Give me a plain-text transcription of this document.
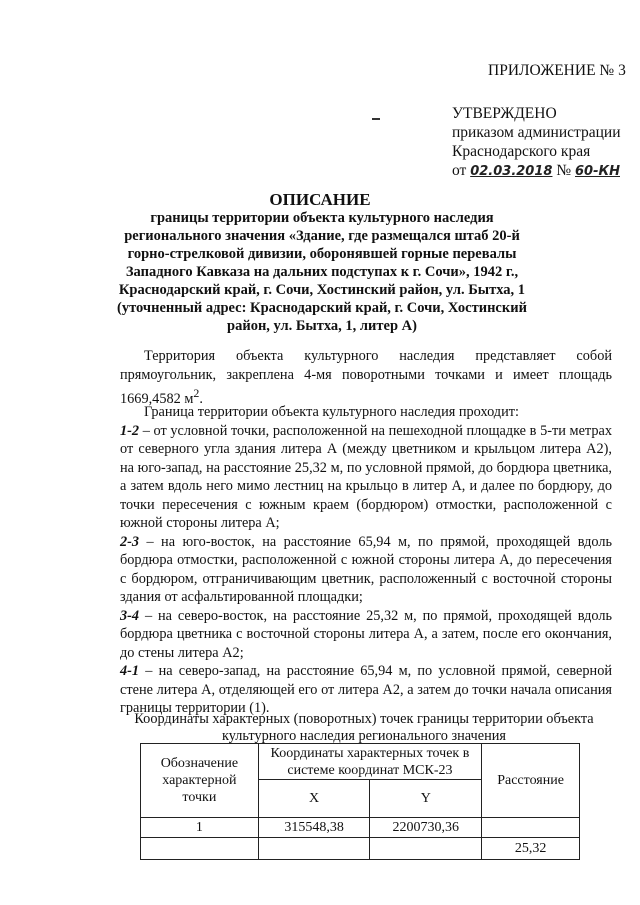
ПРИЛОЖЕНИЕ № 3
УТВЕРЖДЕНО
приказом администрации
Краснодарского края
от 02.03.2018 № 60-КН
ОПИСАНИЕ
границы территории объекта культурного наследия регионального значения «Здание, где размещался штаб 20-й горно-стрелковой дивизии, оборонявшей горные перевалы Западного Кавказа на дальних подступах к г. Сочи», 1942 г., Краснодарский край, г. Сочи, Хостинский район, ул. Бытха, 1 (уточненный адрес: Краснодарский край, г. Сочи, Хостинский район, ул. Бытха, 1, литер А)
Территория объекта культурного наследия представляет собой прямоугольник, закреплена 4-мя поворотными точками и имеет площадь 1669,4582 $м^2$.

Граница территории объекта культурного наследия проходит:

1-2 – от условной точки, расположенной на пешеходной площадке в 5-ти метрах от северного угла здания литера А (между цветником и крыльцом литера А2), на юго-запад, на расстояние 25,32 м, по условной прямой, до бордюра цветника, а затем вдоль него мимо лестниц на крыльцо в литер А, и далее по бордюру, до точки пересечения с южным краем (бордюром) отмостки, расположенной с южной стороны литера А;

2-3 – на юго-восток, на расстояние 65,94 м, по прямой, проходящей вдоль бордюра отмостки, расположенной с южной стороны литера А, до пересечения с бордюром, отграничивающим цветник, расположенный с восточной стороны здания от асфальтированной площадки;

3-4 – на северо-восток, на расстояние 25,32 м, по прямой, проходящей вдоль бордюра цветника с восточной стороны литера А, а затем, после его окончания, до стены литера А2;

4-1 – на северо-запад, на расстояние 65,94 м, по условной прямой, северной стене литера А, отделяющей его от литера А2, а затем до точки начала описания границы территории (1).

Координаты характерных (поворотных) точек границы территории объекта культурного наследия регионального значения
Обозначение характерной точки	Координаты характерных точек в системе координат МСК-23		Расстояние
	X	Y	
1	315548,38	2200730,36	
			25,32
